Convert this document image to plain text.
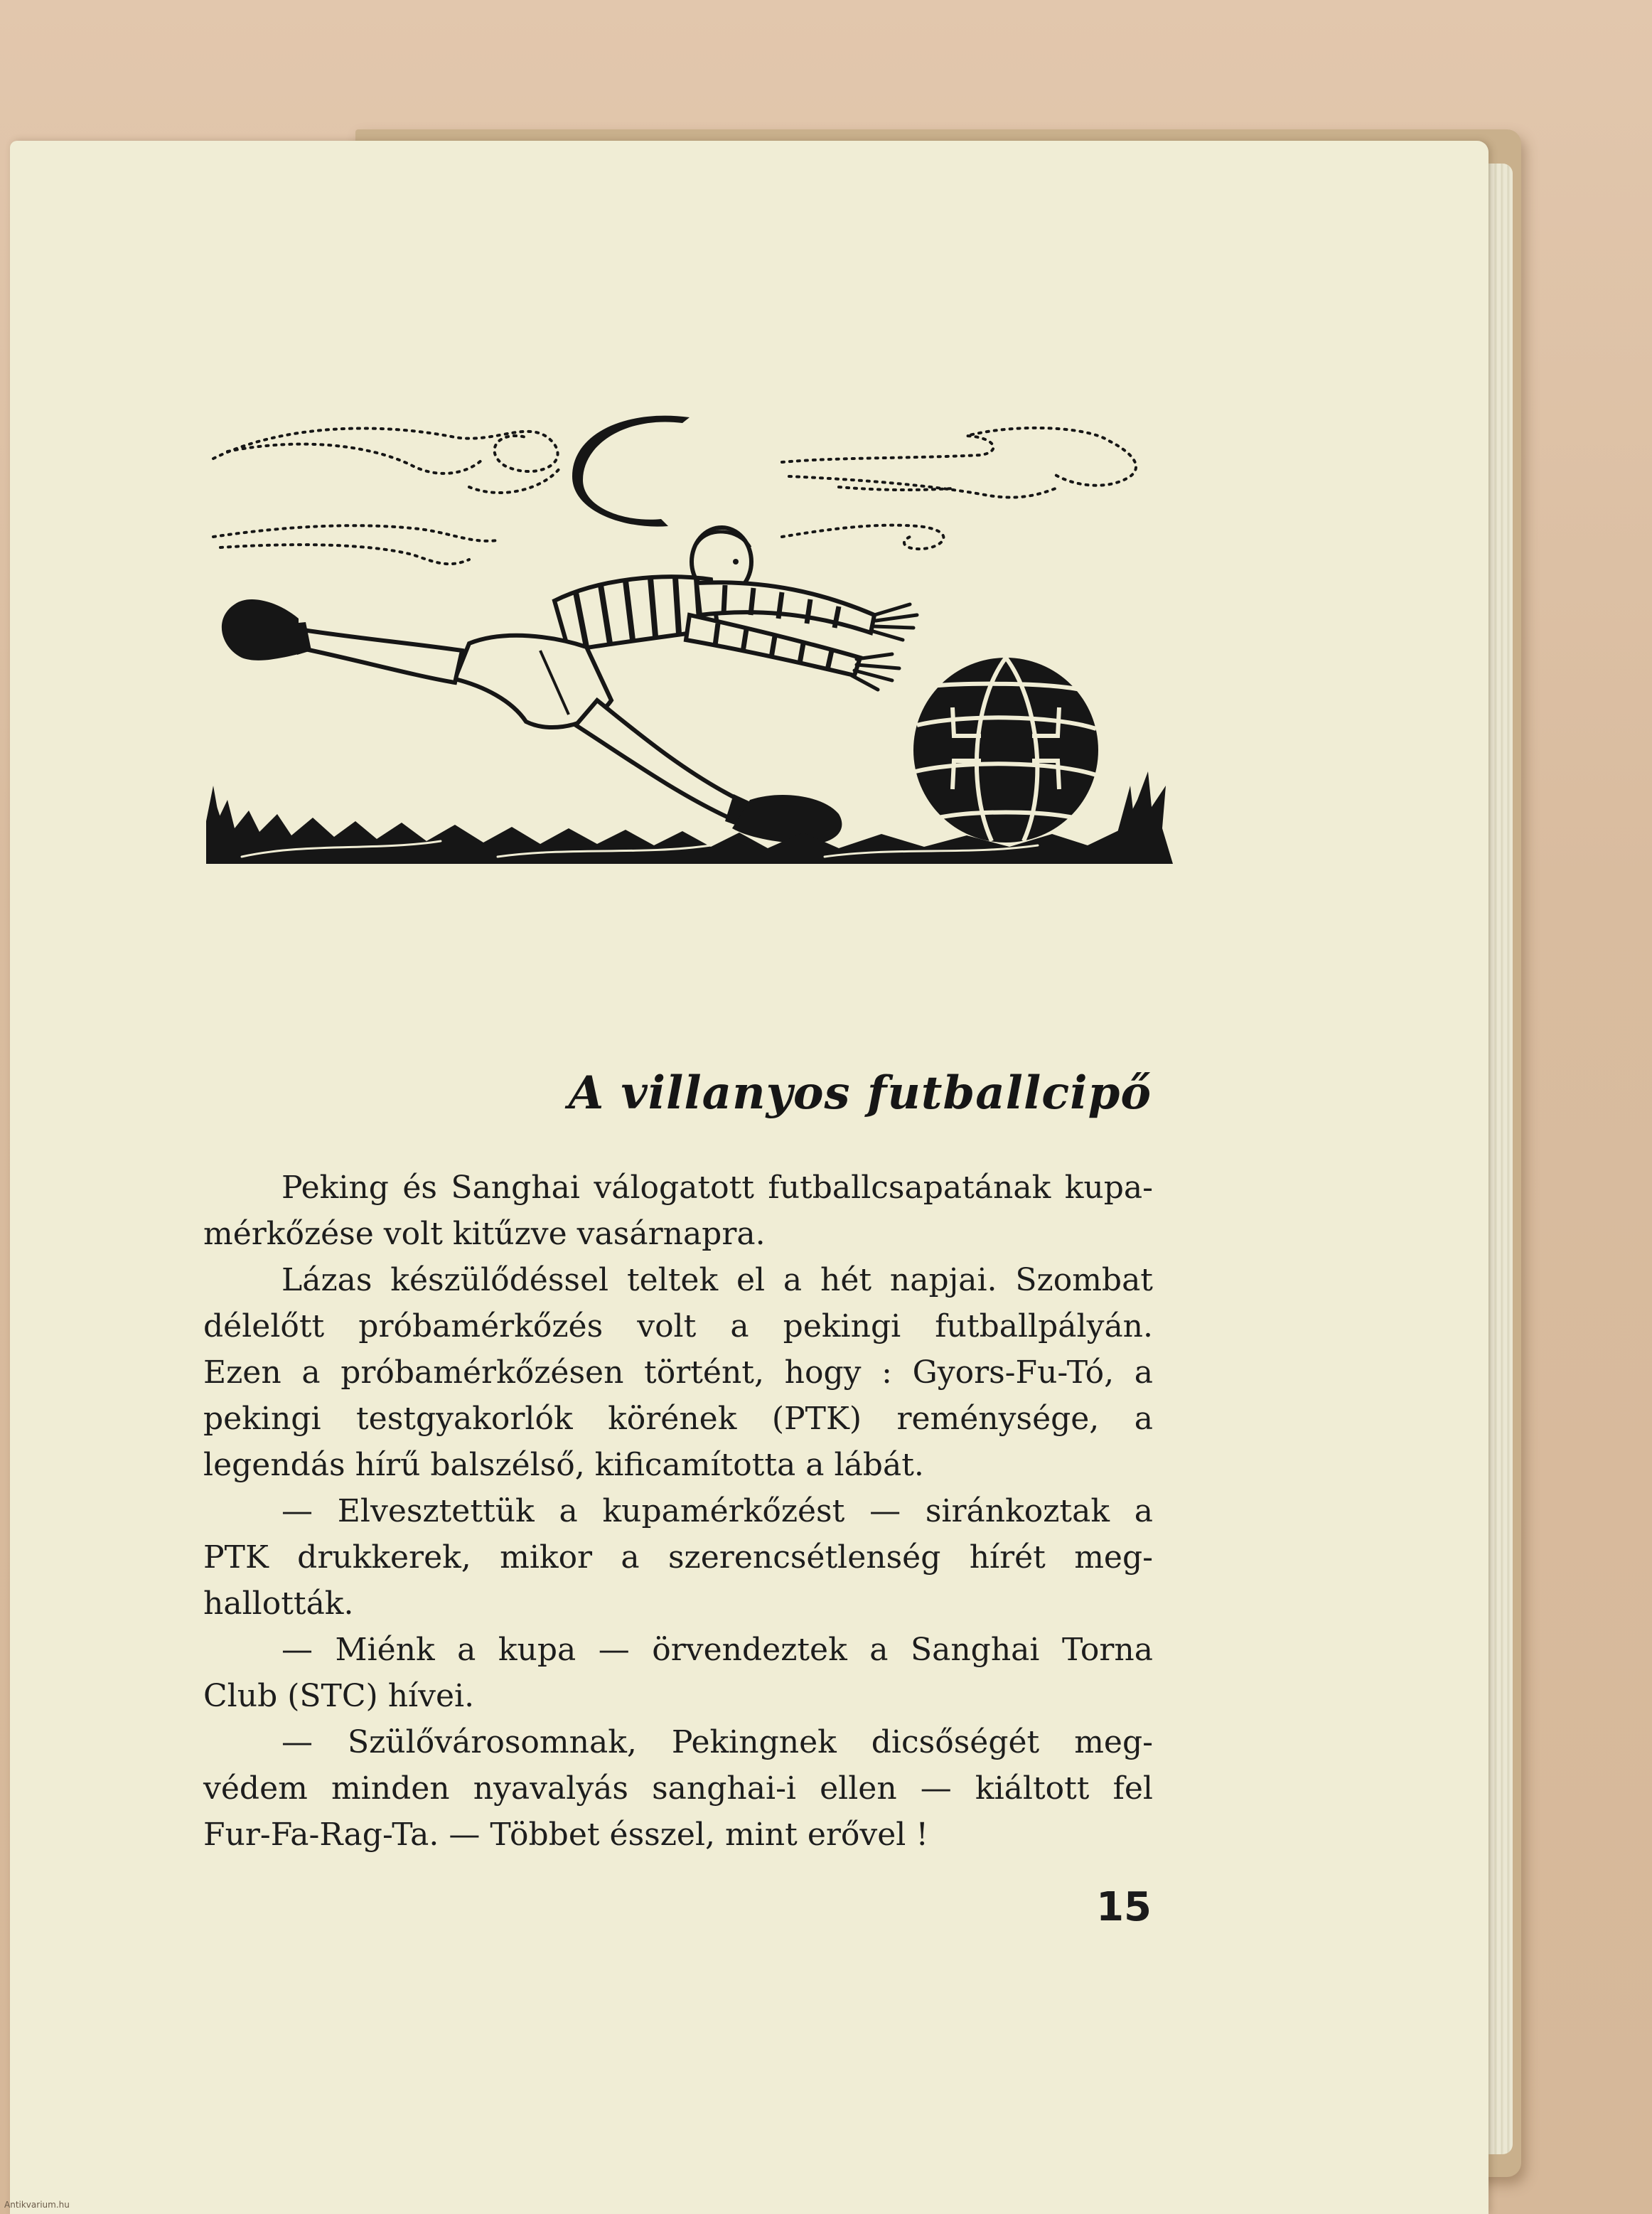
A villanyos futballcipő
Peking és Sanghai válogatott futballcsapatának kupa-
mérkőzése volt kitűzve vasárnapra.
Lázas készülődéssel teltek el a hét napjai. Szombat
délelőtt próbamérkőzés volt a pekingi futballpályán.
Ezen a próbamérkőzésen történt, hogy : Gyors-Fu-Tó, a
pekingi testgyakorlók körének (PTK) reménysége, a
legendás hírű balszélső, kificamította a lábát.
— Elvesztettük a kupamérkőzést — siránkoztak a
PTK drukkerek, mikor a szerencsétlenség hírét meg-
hallották.
— Miénk a kupa — örvendeztek a Sanghai Torna
Club (STC) hívei.
— Szülővárosomnak, Pekingnek dicsőségét meg-
védem minden nyavalyás sanghai-i ellen — kiáltott fel
Fur-Fa-Rag-Ta. — Többet ésszel, mint erővel !
15
Antikvarium.hu
